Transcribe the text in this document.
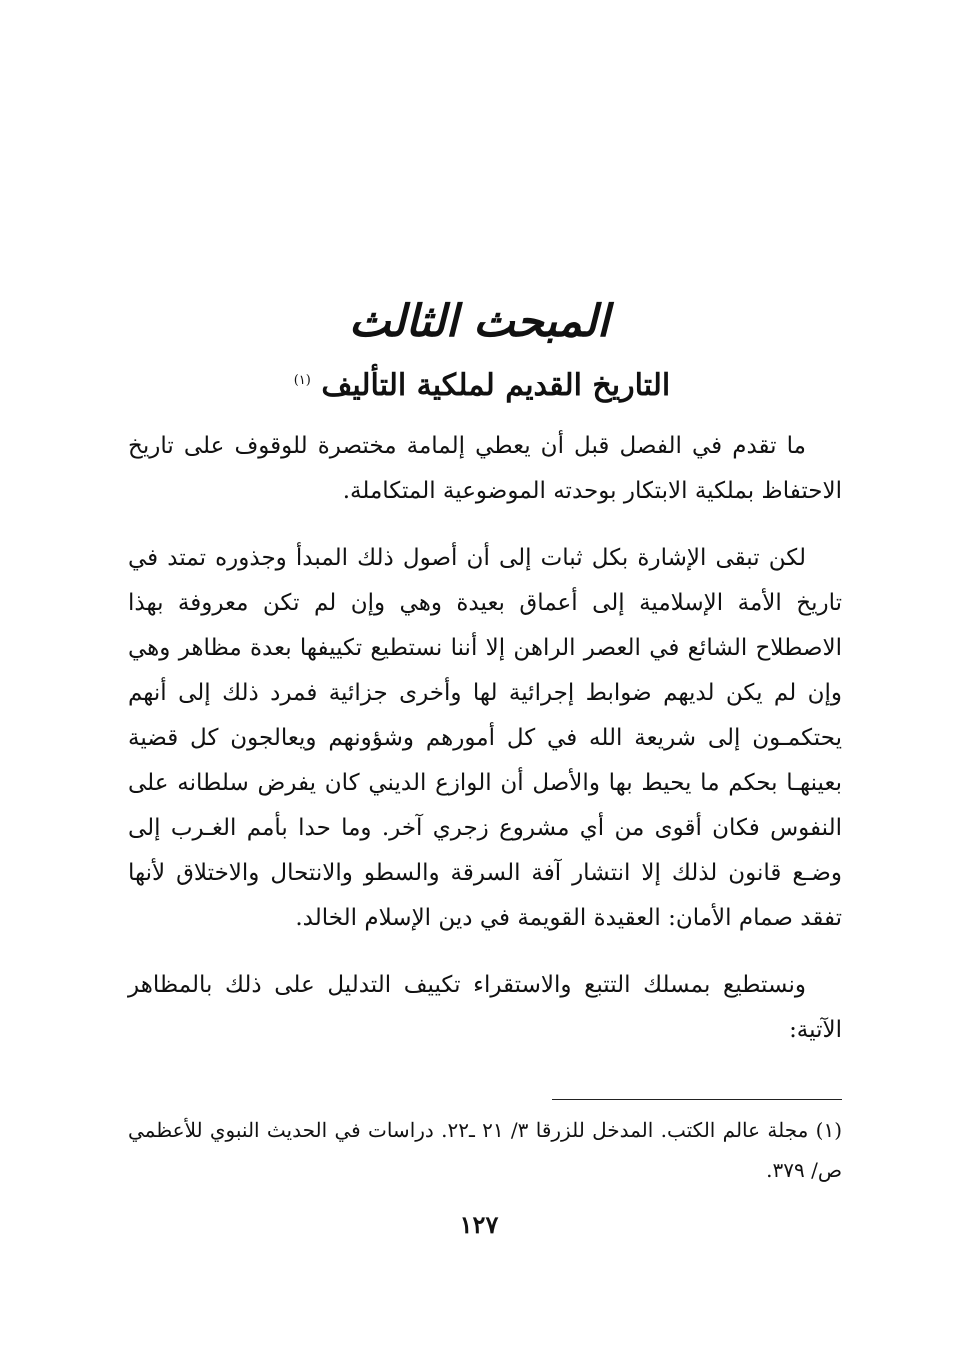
المبحث الثالث
التاريخ القديم لملكية التأليف $^{(١)}$

ما تقدم في الفصل قبل أن يعطي إلمامة مختصرة للوقوف على تاريخ الاحتفاظ بملكية الابتكار بوحدته الموضوعية المتكاملة.

لكن تبقى الإشارة بكل ثبات إلى أن أصول ذلك المبدأ وجذوره تمتد في تاريخ الأمة الإسلامية إلى أعماق بعيدة وهي وإن لم تكن معروفة بهذا الاصطلاح الشائع في العصر الراهن إلا أننا نستطيع تكييفها بعدة مظاهر وهي وإن لم يكن لديهم ضوابط إجرائية لها وأخرى جزائية فمرد ذلك إلى أنهم يحتكمـون إلى شريعة الله في كل أمورهم وشؤونهم ويعالجون كل قضية بعينهـا بحكم ما يحيط بها والأصل أن الوازع الديني كان يفرض سلطانه على النفوس فكان أقوى من أي مشروع زجري آخر. وما حدا بأمم الغـرب إلى وضـع قانون لذلك إلا انتشار آفة السرقة والسطو والانتحال والاختلاق لأنها تفقد صمام الأمان: العقيدة القويمة في دين الإسلام الخالد.

ونستطيع بمسلك التتبع والاستقراء تكييف التدليل على ذلك بالمظاهر الآتية:

(١) مجلة عالم الكتب. المدخل للزرقا ٣/ ٢١ ـ٢٢. دراسات في الحديث النبوي للأعظمي ص/ ٣٧٩.
١٢٧
